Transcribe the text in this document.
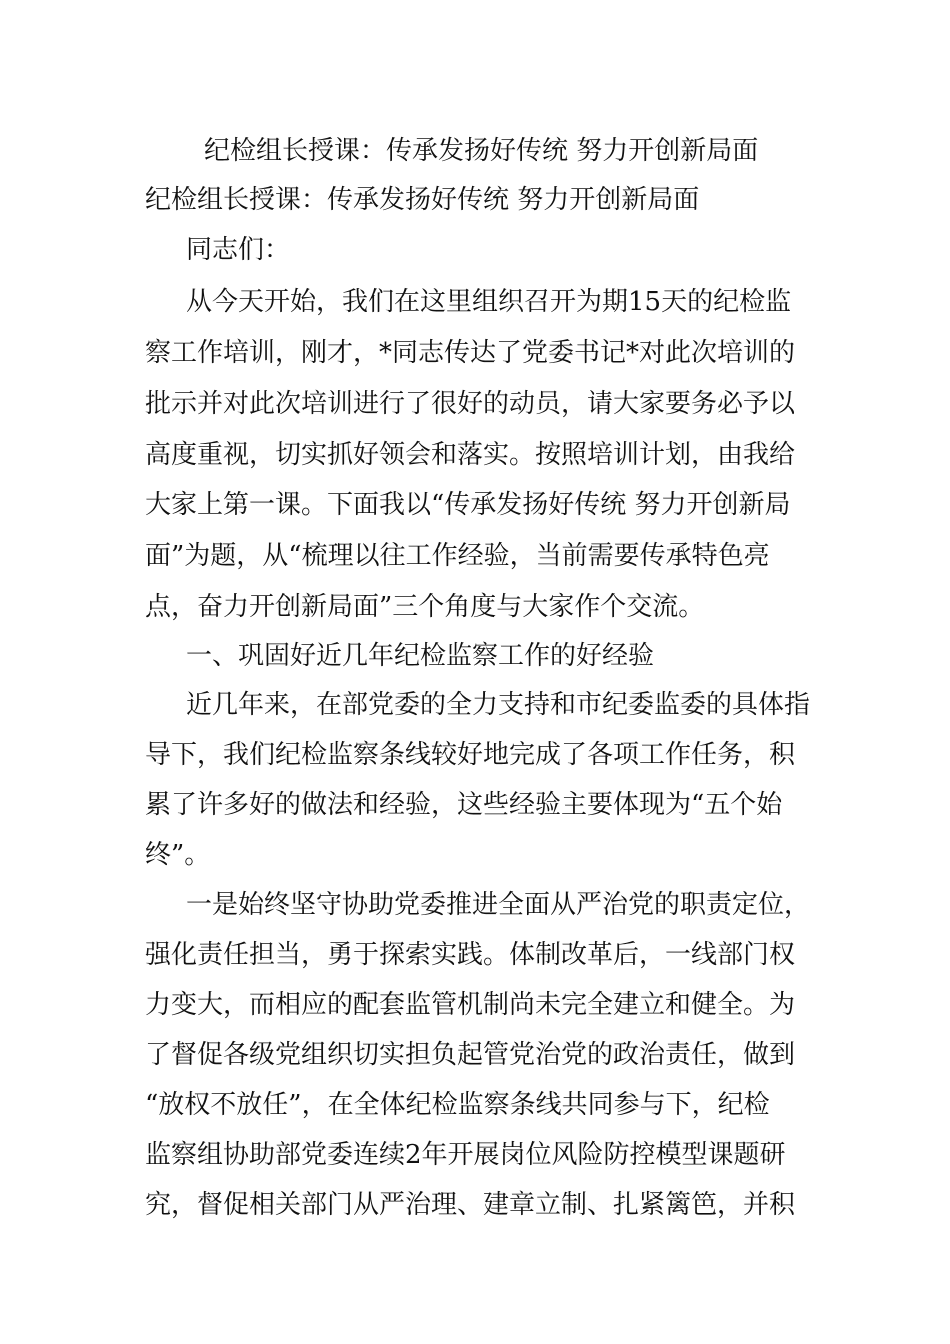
纪检组长授课：传承发扬好传统 努力开创新局面
纪检组长授课：传承发扬好传统 努力开创新局面
同志们：
从今天开始，我们在这里组织召开为期15天的纪检监
察工作培训，刚才，*同志传达了党委书记*对此次培训的
批示并对此次培训进行了很好的动员，请大家要务必予以
高度重视，切实抓好领会和落实。按照培训计划，由我给
大家上第一课。下面我以“传承发扬好传统 努力开创新局
面”为题，从“梳理以往工作经验，当前需要传承特色亮
点，奋力开创新局面”三个角度与大家作个交流。
一、巩固好近几年纪检监察工作的好经验
近几年来，在部党委的全力支持和市纪委监委的具体指
导下，我们纪检监察条线较好地完成了各项工作任务，积
累了许多好的做法和经验，这些经验主要体现为“五个始
终”。
一是始终坚守协助党委推进全面从严治党的职责定位，
强化责任担当，勇于探索实践。体制改革后，一线部门权
力变大，而相应的配套监管机制尚未完全建立和健全。为
了督促各级党组织切实担负起管党治党的政治责任，做到
“放权不放任”，在全体纪检监察条线共同参与下，纪检
监察组协助部党委连续2年开展岗位风险防控模型课题研
究，督促相关部门从严治理、建章立制、扎紧篱笆，并积
